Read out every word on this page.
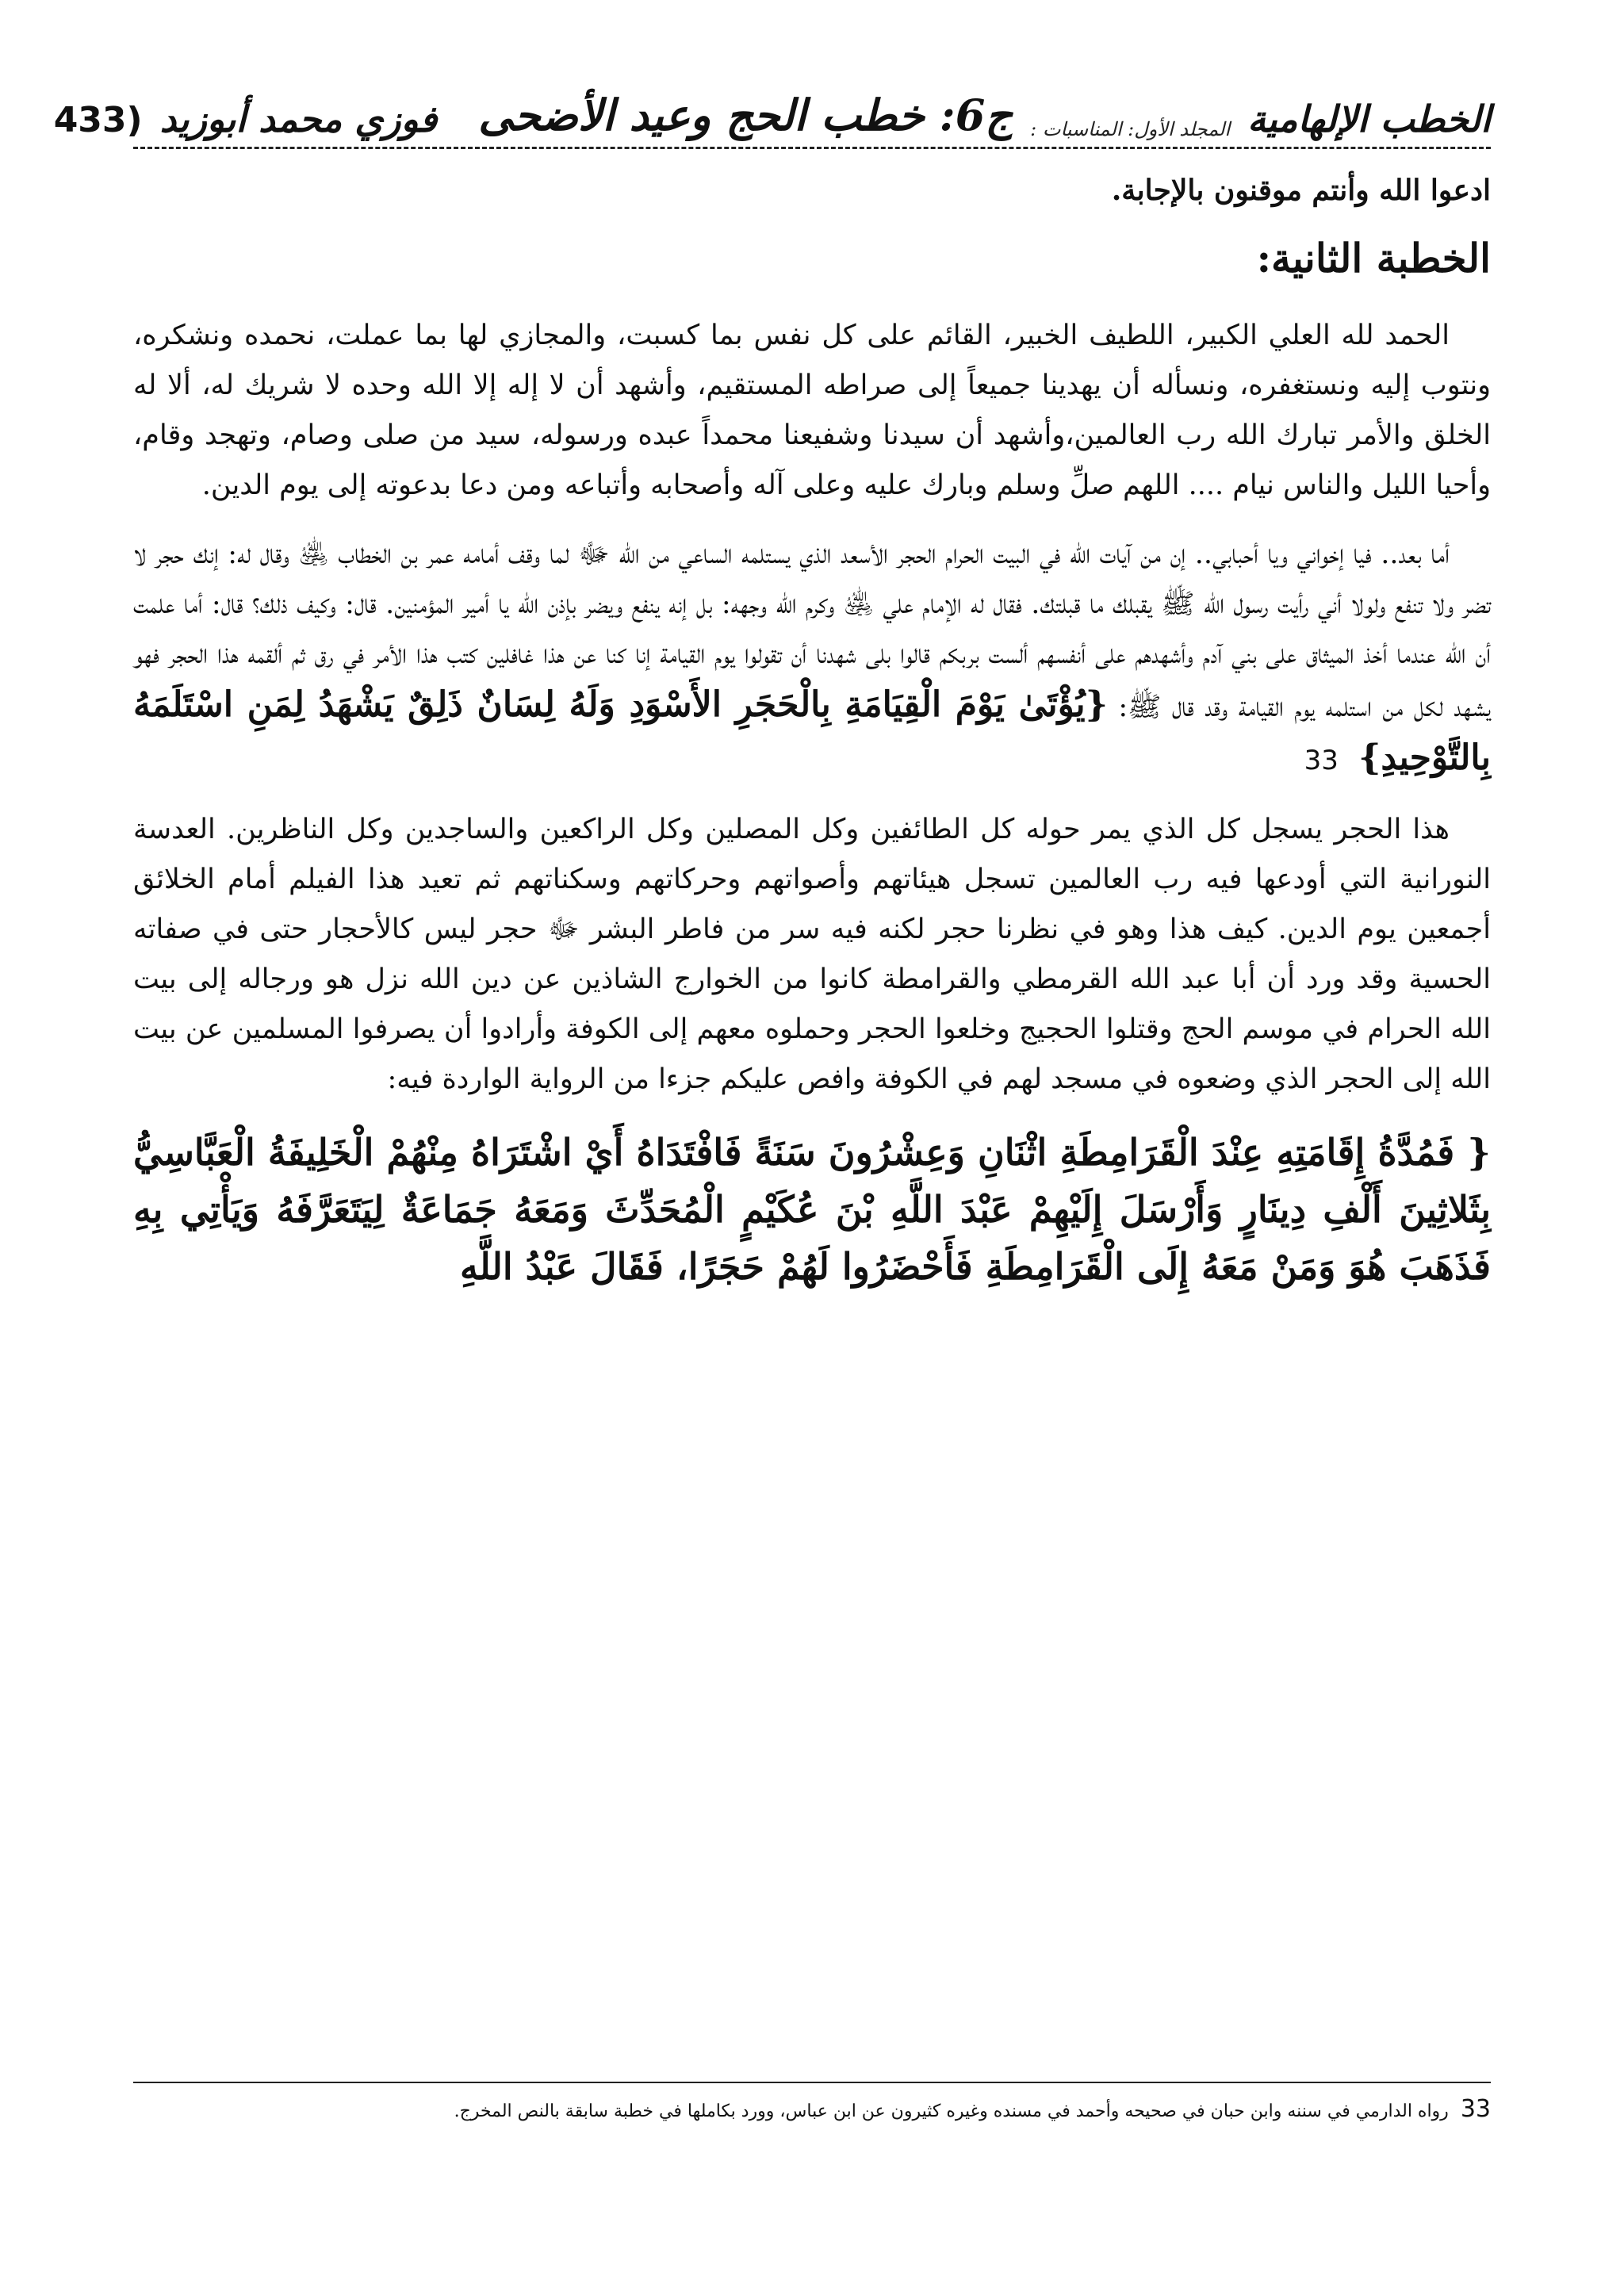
الخطب الإلهامية
المجلد الأول: المناسبات :
ج6: خطب الحج وعيد الأضحى
فوزي محمد أبوزيد
(433
ادعوا الله وأنتم موقنون بالإجابة.
الخطبة الثانية:

الحمد لله العلي الكبير، اللطيف الخبير، القائم على كل نفس بما كسبت، والمجازي لها بما عملت، نحمده ونشكره، ونتوب إليه ونستغفره، ونسأله أن يهدينا جميعاً إلى صراطه المستقيم، وأشهد أن لا إله إلا الله وحده لا شريك له، ألا له الخلق والأمر تبارك الله رب العالمين،وأشهد أن سيدنا وشفيعنا محمداً عبده ورسوله، سيد من صلى وصام، وتهجد وقام، وأحيا الليل والناس نيام .... اللهم صلِّ وسلم وبارك عليه وعلى آله وأصحابه وأتباعه ومن دعا بدعوته إلى يوم الدين.

أما بعد.. فيا إخواني ويا أحبابي.. إن من آيات الله في البيت الحرام الحجر الأسعد الذي يستلمه الساعي من الله ﷻ لما وقف أمامه عمر بن الخطاب ﵁ وقال له: إنك حجر لا تضر ولا تنفع ولولا أني رأيت رسول الله ﷺ يقبلك ما قبلتك. فقال له الإمام علي ﵁ وكرم الله وجهه: بل إنه ينفع ويضر بإذن الله يا أمير المؤمنين. قال: وكيف ذلك؟ قال: أما علمت أن الله عندما أخذ الميثاق على بني آدم وأشهدهم على أنفسهم ألست بربكم قالوا بلى شهدنا أن تقولوا يوم القيامة إنا كنا عن هذا غافلين كتب هذا الأمر في رق ثم ألقمه هذا الحجر فهو يشهد لكل من استلمه يوم القيامة وقد قال ﷺ: {يُؤْتَىٰ يَوْمَ الْقِيَامَةِ بِالْحَجَرِ الأَسْوَدِ وَلَهُ لِسَانٌ ذَلِقٌ يَشْهَدُ لِمَنِ اسْتَلَمَهُ بِالتَّوْحِيدِ} 33

هذا الحجر يسجل كل الذي يمر حوله كل الطائفين وكل المصلين وكل الراكعين والساجدين وكل الناظرين. العدسة النورانية التي أودعها فيه رب العالمين تسجل هيئاتهم وأصواتهم وحركاتهم وسكناتهم ثم تعيد هذا الفيلم أمام الخلائق أجمعين يوم الدين. كيف هذا وهو في نظرنا حجر لكنه فيه سر من فاطر البشر ﷻ حجر ليس كالأحجار حتى في صفاته الحسية وقد ورد أن أبا عبد الله القرمطي والقرامطة كانوا من الخوارج الشاذين عن دين الله نزل هو ورجاله إلى بيت الله الحرام في موسم الحج وقتلوا الحجيج وخلعوا الحجر وحملوه معهم إلى الكوفة وأرادوا أن يصرفوا المسلمين عن بيت الله إلى الحجر الذي وضعوه في مسجد لهم في الكوفة وافص عليكم جزءا من الرواية الواردة فيه:

{ فَمُدَّةُ إِقَامَتِهِ عِنْدَ الْقَرَامِطَةِ اثْنَانِ وَعِشْرُونَ سَنَةً فَافْتَدَاهُ أَيْ اشْتَرَاهُ مِنْهُمْ الْخَلِيفَةُ الْعَبَّاسِيُّ بِثَلاثِينَ أَلْفِ دِينَارٍ وَأَرْسَلَ إِلَيْهِمْ عَبْدَ اللَّهِ بْنَ عُكَيْمٍ الْمُحَدِّثَ وَمَعَهُ جَمَاعَةٌ لِيَتَعَرَّفَهُ وَيَأْتِي بِهِ فَذَهَبَ هُوَ وَمَنْ مَعَهُ إِلَى الْقَرَامِطَةِ فَأَحْضَرُوا لَهُمْ حَجَرًا، فَقَالَ عَبْدُ اللَّهِ
33 رواه الدارمي في سننه وابن حبان في صحيحه وأحمد في مسنده وغيره كثيرون عن ابن عباس، وورد بكاملها في خطبة سابقة بالنص المخرج.
